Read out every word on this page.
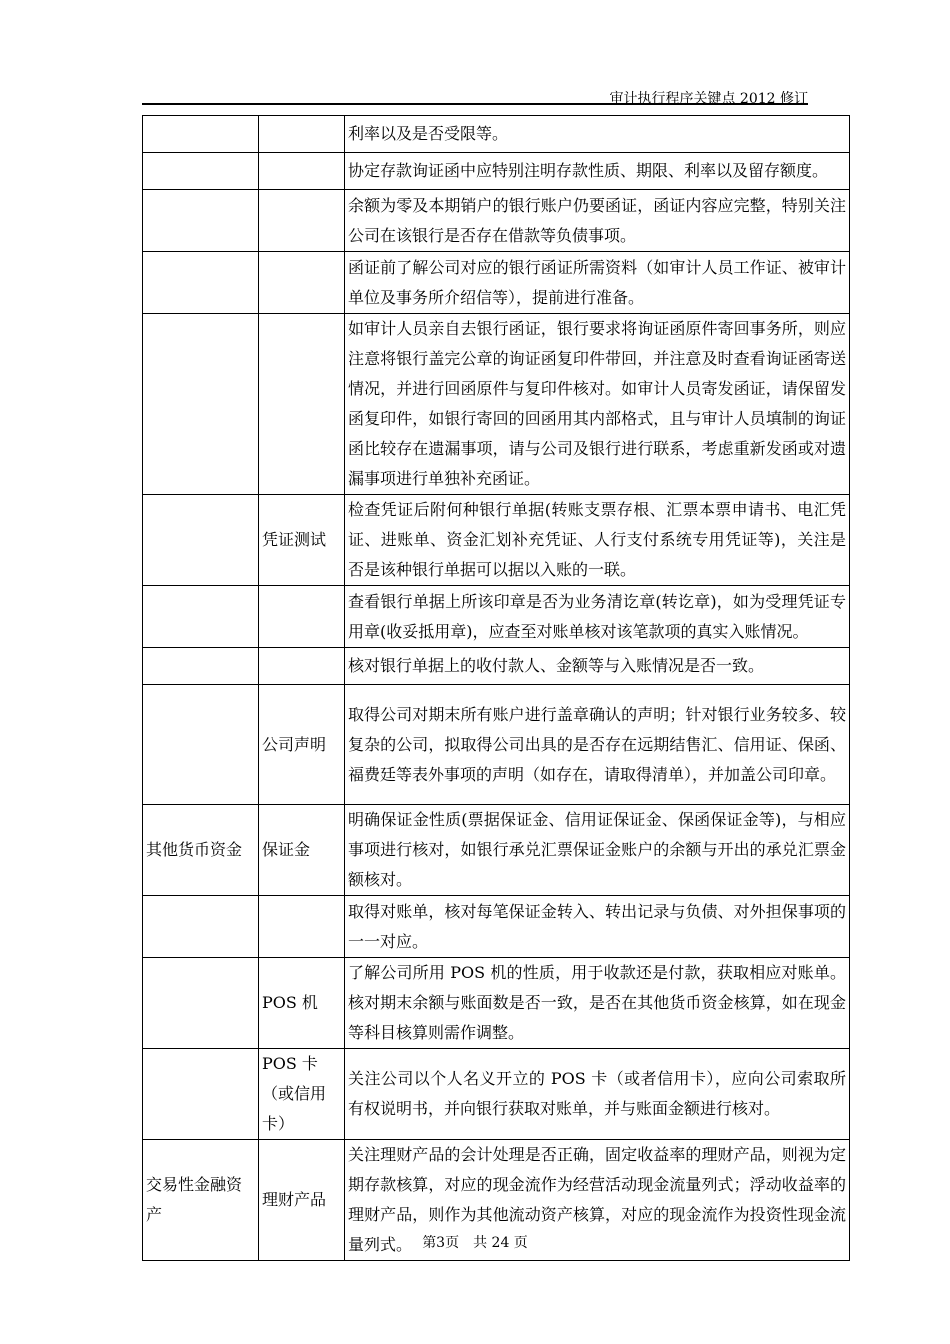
审计执行程序关键点 2012 修订
		利率以及是否受限等。
		协定存款询证函中应特别注明存款性质、期限、利率以及留存额度。
		余额为零及本期销户的银行账户仍要函证，函证内容应完整，特别关注公司在该银行是否存在借款等负债事项。
		函证前了解公司对应的银行函证所需资料（如审计人员工作证、被审计单位及事务所介绍信等），提前进行准备。
		如审计人员亲自去银行函证，银行要求将询证函原件寄回事务所，则应注意将银行盖完公章的询证函复印件带回，并注意及时查看询证函寄送情况，并进行回函原件与复印件核对。如审计人员寄发函证，请保留发函复印件，如银行寄回的回函用其内部格式，且与审计人员填制的询证函比较存在遗漏事项，请与公司及银行进行联系，考虑重新发函或对遗漏事项进行单独补充函证。
	凭证测试	检查凭证后附何种银行单据(转账支票存根、汇票本票申请书、电汇凭证、进账单、资金汇划补充凭证、人行支付系统专用凭证等)，关注是否是该种银行单据可以据以入账的一联。
		查看银行单据上所该印章是否为业务清讫章(转讫章)，如为受理凭证专用章(收妥抵用章)，应查至对账单核对该笔款项的真实入账情况。
		核对银行单据上的收付款人、金额等与入账情况是否一致。
	公司声明	取得公司对期末所有账户进行盖章确认的声明；针对银行业务较多、较复杂的公司，拟取得公司出具的是否存在远期结售汇、信用证、保函、福费廷等表外事项的声明（如存在，请取得清单），并加盖公司印章。
其他货币资金	保证金	明确保证金性质(票据保证金、信用证保证金、保函保证金等)，与相应事项进行核对，如银行承兑汇票保证金账户的余额与开出的承兑汇票金额核对。
		取得对账单，核对每笔保证金转入、转出记录与负债、对外担保事项的一一对应。
	POS 机	了解公司所用 POS 机的性质，用于收款还是付款，获取相应对账单。核对期末余额与账面数是否一致，是否在其他货币资金核算，如在现金等科目核算则需作调整。
	POS 卡（或信用卡）	关注公司以个人名义开立的 POS 卡（或者信用卡），应向公司索取所有权说明书，并向银行获取对账单，并与账面金额进行核对。
交易性金融资产	理财产品	关注理财产品的会计处理是否正确，固定收益率的理财产品，则视为定期存款核算，对应的现金流作为经营活动现金流量列式；浮动收益率的理财产品，则作为其他流动资产核算，对应的现金流作为投资性现金流量列式。 第3页　共 24 页
